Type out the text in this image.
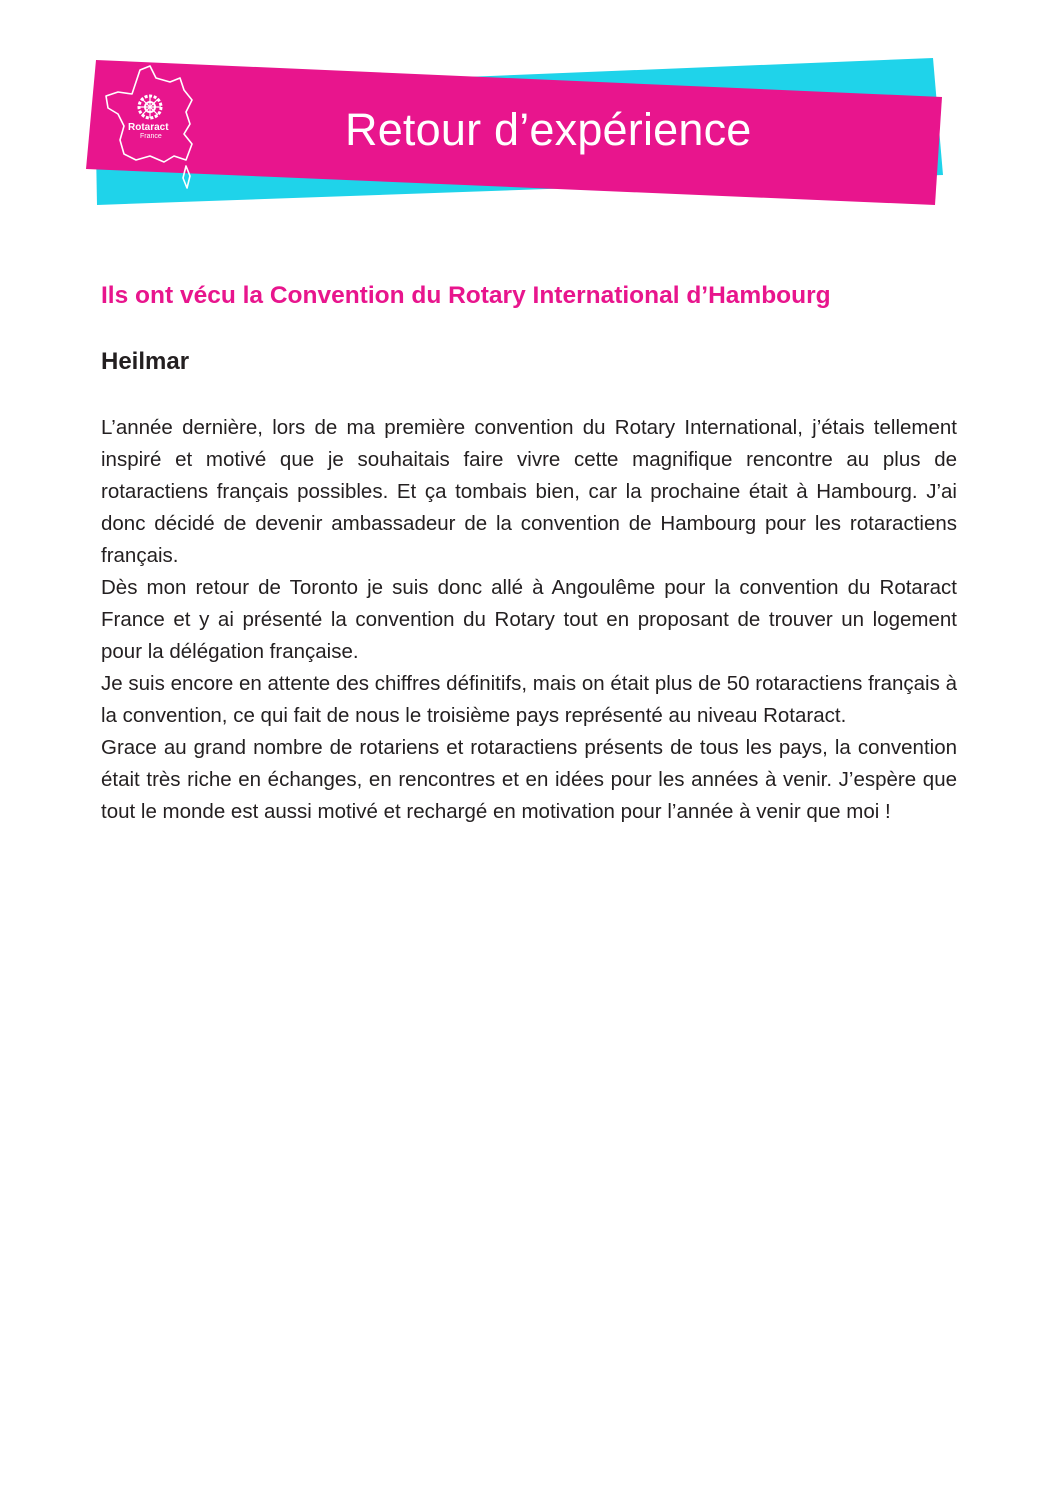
Rotaract
France	Retour d’expérience
Ils ont vécu la Convention du Rotary International d’Hambourg
Heilmar

L’année dernière, lors de ma première convention du Rotary International, j’étais tellement inspiré et motivé que je souhaitais faire vivre cette magnifique rencontre au plus de rotaractiens français possibles. Et ça tombais bien, car la prochaine était à Hambourg. J’ai donc décidé de devenir ambassadeur de la convention de Hambourg pour les rotaractiens français.

Dès mon retour de Toronto je suis donc allé à Angoulême pour la convention du Rotaract France et y ai présenté la convention du Rotary tout en proposant de trouver un logement pour la délégation française.

Je suis encore en attente des chiffres définitifs, mais on était plus de 50 rotaractiens français à la convention, ce qui fait de nous le troisième pays représenté au niveau Rotaract.

Grace au grand nombre de rotariens et rotaractiens présents de tous les pays, la convention était très riche en échanges, en rencontres et en idées pour les années à venir. J’espère que tout le monde est aussi motivé et rechargé en motivation pour l’année à venir que moi !
